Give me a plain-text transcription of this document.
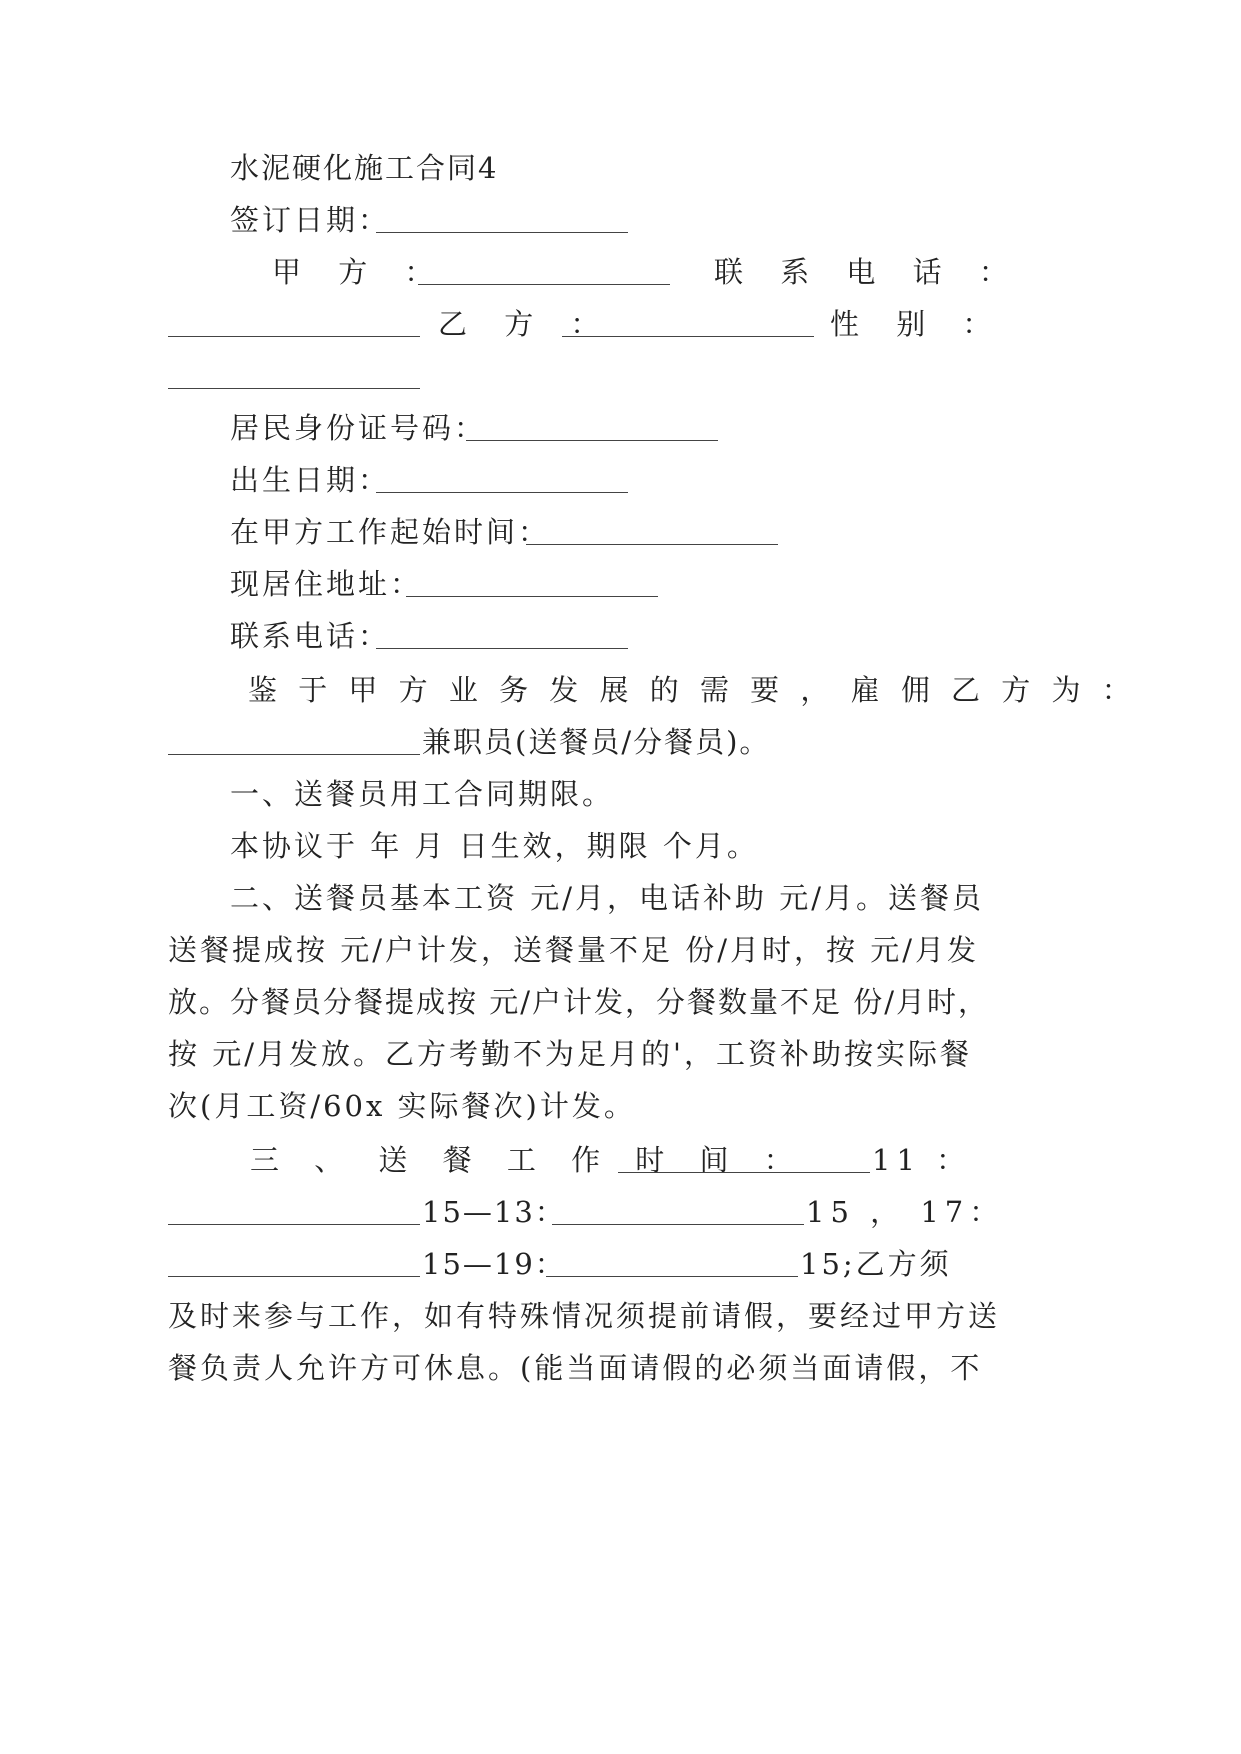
水泥硬化施工合同4
签订日期：
甲 方 ：	联 系 电 话 ：
乙 方 ：	性 别 ：
居民身份证号码：
出生日期：
在甲方工作起始时间：
现居住地址：
联系电话：
鉴 于 甲 方 业 务 发 展 的 需 要 ， 雇 佣 乙 方 为 ：
兼职员(送餐员/分餐员)。
一、送餐员用工合同期限。
本协议于 年 月 日生效，期限 个月。
二、送餐员基本工资 元/月，电话补助 元/月。送餐员
送餐提成按 元/户计发，送餐量不足 份/月时，按 元/月发
放。分餐员分餐提成按 元/户计发，分餐数量不足 份/月时，
按 元/月发放。乙方考勤不为足月的'，工资补助按实际餐
次(月工资/60x 实际餐次)计发。
三 、 送 餐 工 作 时 间 ： 11 ：
15—13：	15 ， 17：
15—19：	15;乙方须
及时来参与工作，如有特殊情况须提前请假，要经过甲方送
餐负责人允许方可休息。(能当面请假的必须当面请假，不
